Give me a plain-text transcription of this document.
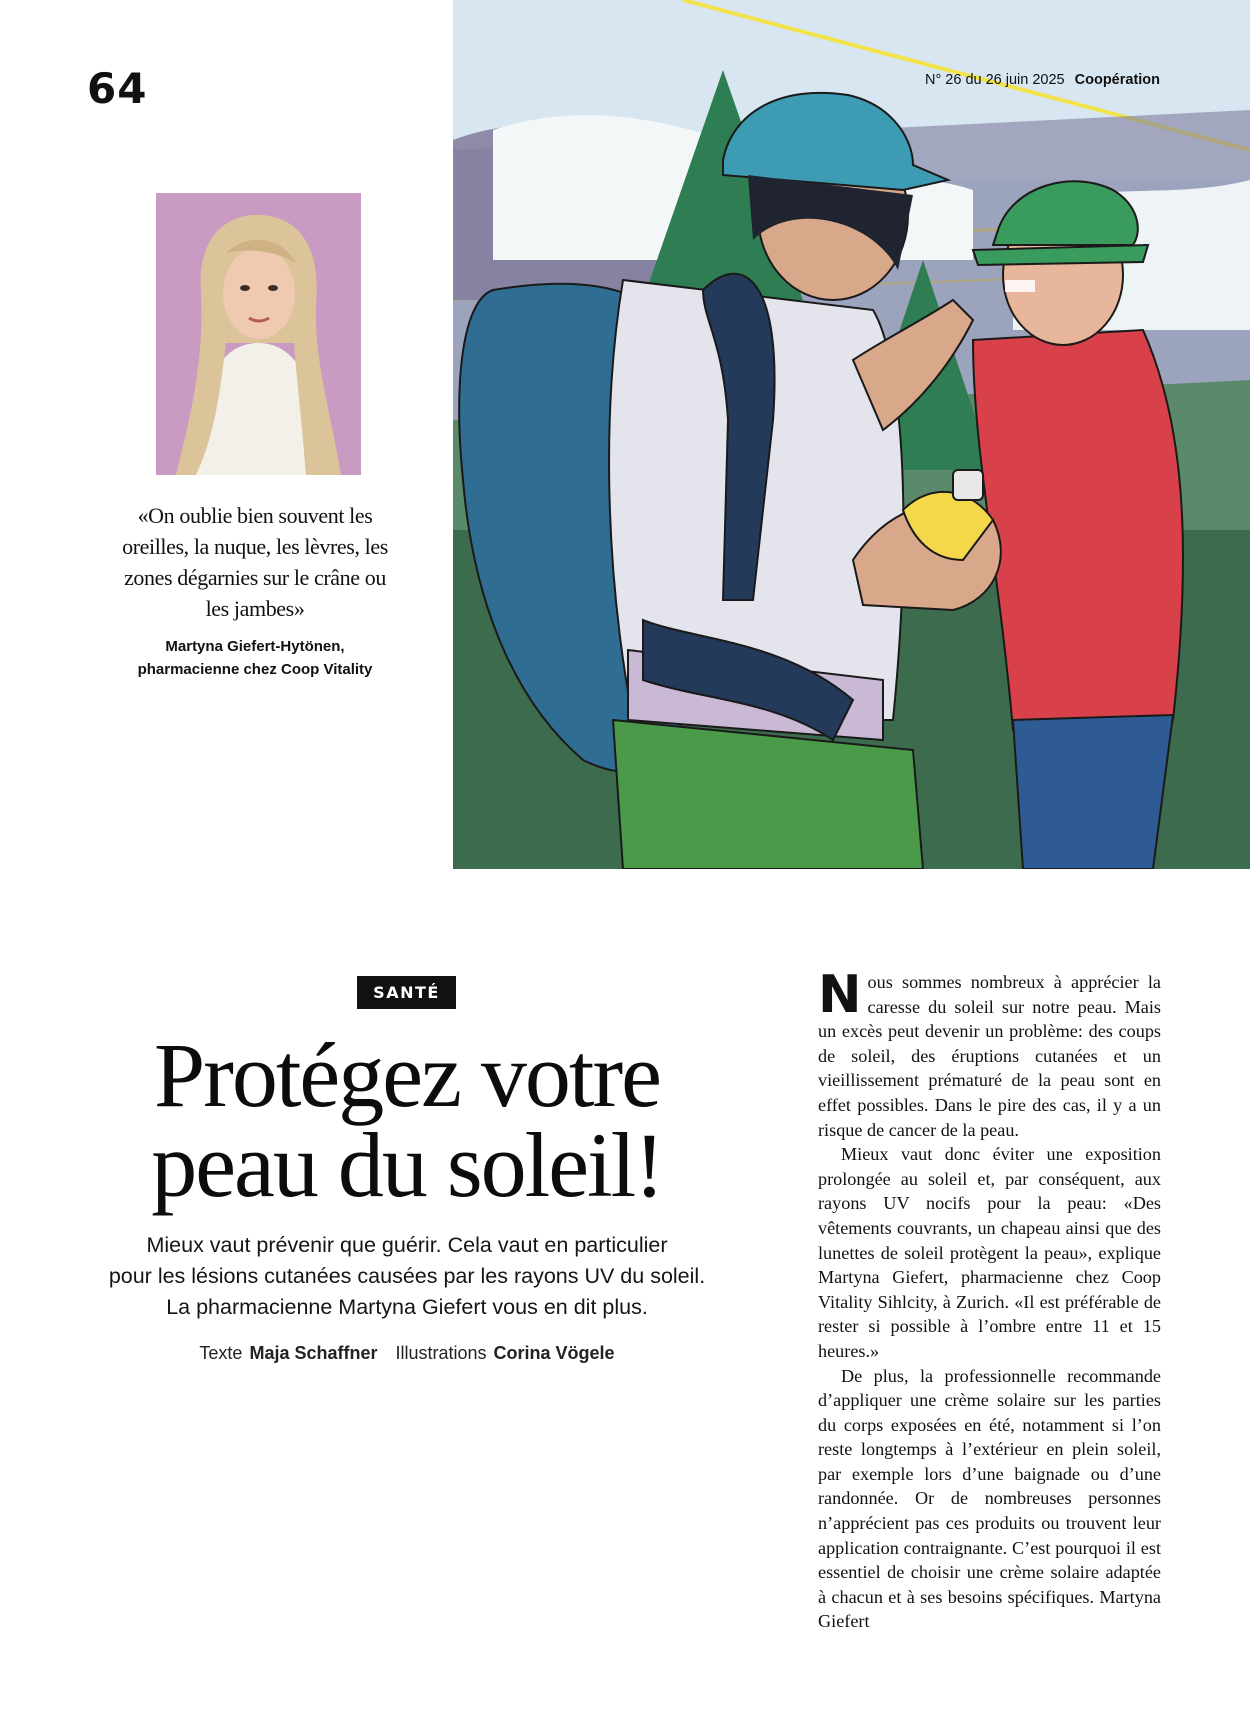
64	N° 26 du 26 juin 2025 Coopération
«On oublie bien souvent les oreilles, la nuque, les lèvres, les zones dégarnies sur le crâne ou les jambes»
Martyna Giefert-Hytönen,
pharmacienne chez Coop Vitality
SANTÉ
Protégez votre
peau du soleil!

Mieux vaut prévenir que guérir. Cela vaut en particulier
pour les lésions cutanées causées par les rayons UV du soleil.
La pharmacienne Martyna Giefert vous en dit plus.

Texte Maja Schaffner Illustrations Corina Vögele

Nous sommes nombreux à apprécier la caresse du soleil sur notre peau. Mais un excès peut devenir un problème: des coups de soleil, des éruptions cutanées et un vieillissement prématuré de la peau sont en effet possibles. Dans le pire des cas, il y a un risque de cancer de la peau.

Mieux vaut donc éviter une exposition prolongée au soleil et, par conséquent, aux rayons UV nocifs pour la peau: «Des vêtements couvrants, un chapeau ainsi que des lunettes de soleil protègent la peau», explique Martyna Giefert, pharmacienne chez Coop Vitality Sihlcity, à Zurich. «Il est préférable de rester si possible à l’ombre entre 11 et 15 heures.»

De plus, la professionnelle recommande d’appliquer une crème solaire sur les parties du corps exposées en été, notamment si l’on reste longtemps à l’extérieur en plein soleil, par exemple lors d’une baignade ou d’une randonnée. Or de nombreuses personnes n’apprécient pas ces produits ou trouvent leur application contraignante. C’est pourquoi il est essentiel de choisir une crème solaire adaptée à chacun et à ses besoins spécifiques. Martyna Giefert
